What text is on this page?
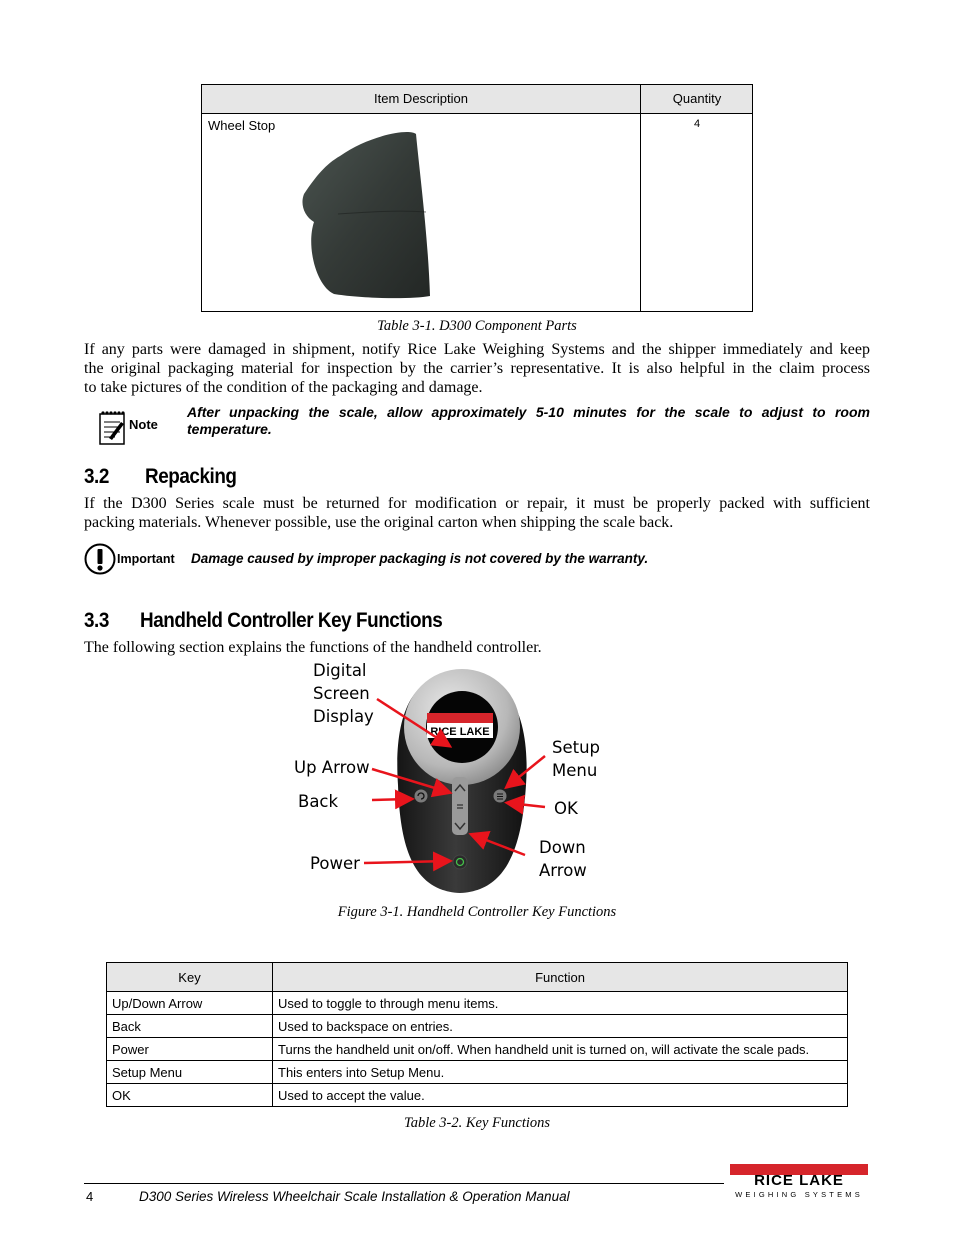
Item Description	Quantity
Wheel Stop	4
Table 3-1. D300 Component Parts
If any parts were damaged in shipment, notify Rice Lake Weighing Systems and the shipper immediately and keep
the original packaging material for inspection by the carrier’s representative. It is also helpful in the claim process
to take pictures of the condition of the packaging and damage.
Note
After unpacking the scale, allow approximately 5-10 minutes for the scale to adjust to room
temperature.
3.2 Repacking
If the D300 Series scale must be returned for modification or repair, it must be properly packed with sufficient
packing materials. Whenever possible, use the original carton when shipping the scale back.
Important Damage caused by improper packaging is not covered by the warranty.
3.3 Handheld Controller Key Functions
The following section explains the functions of the handheld controller.
RICE LAKE
Digital
Screen
Display
Up Arrow
Back
Power
Setup
Menu
OK
Down
Arrow
Figure 3-1. Handheld Controller Key Functions
Key	Function
Up/Down Arrow	Used to toggle to through menu items.
Back	Used to backspace on entries.
Power	Turns the handheld unit on/off. When handheld unit is turned on, will activate the scale pads.
Setup Menu	This enters into Setup Menu.
OK	Used to accept the value.
Table 3-2. Key Functions
4	D300 Series Wireless Wheelchair Scale Installation & Operation Manual
RICE LAKE
WEIGHING SYSTEMS
